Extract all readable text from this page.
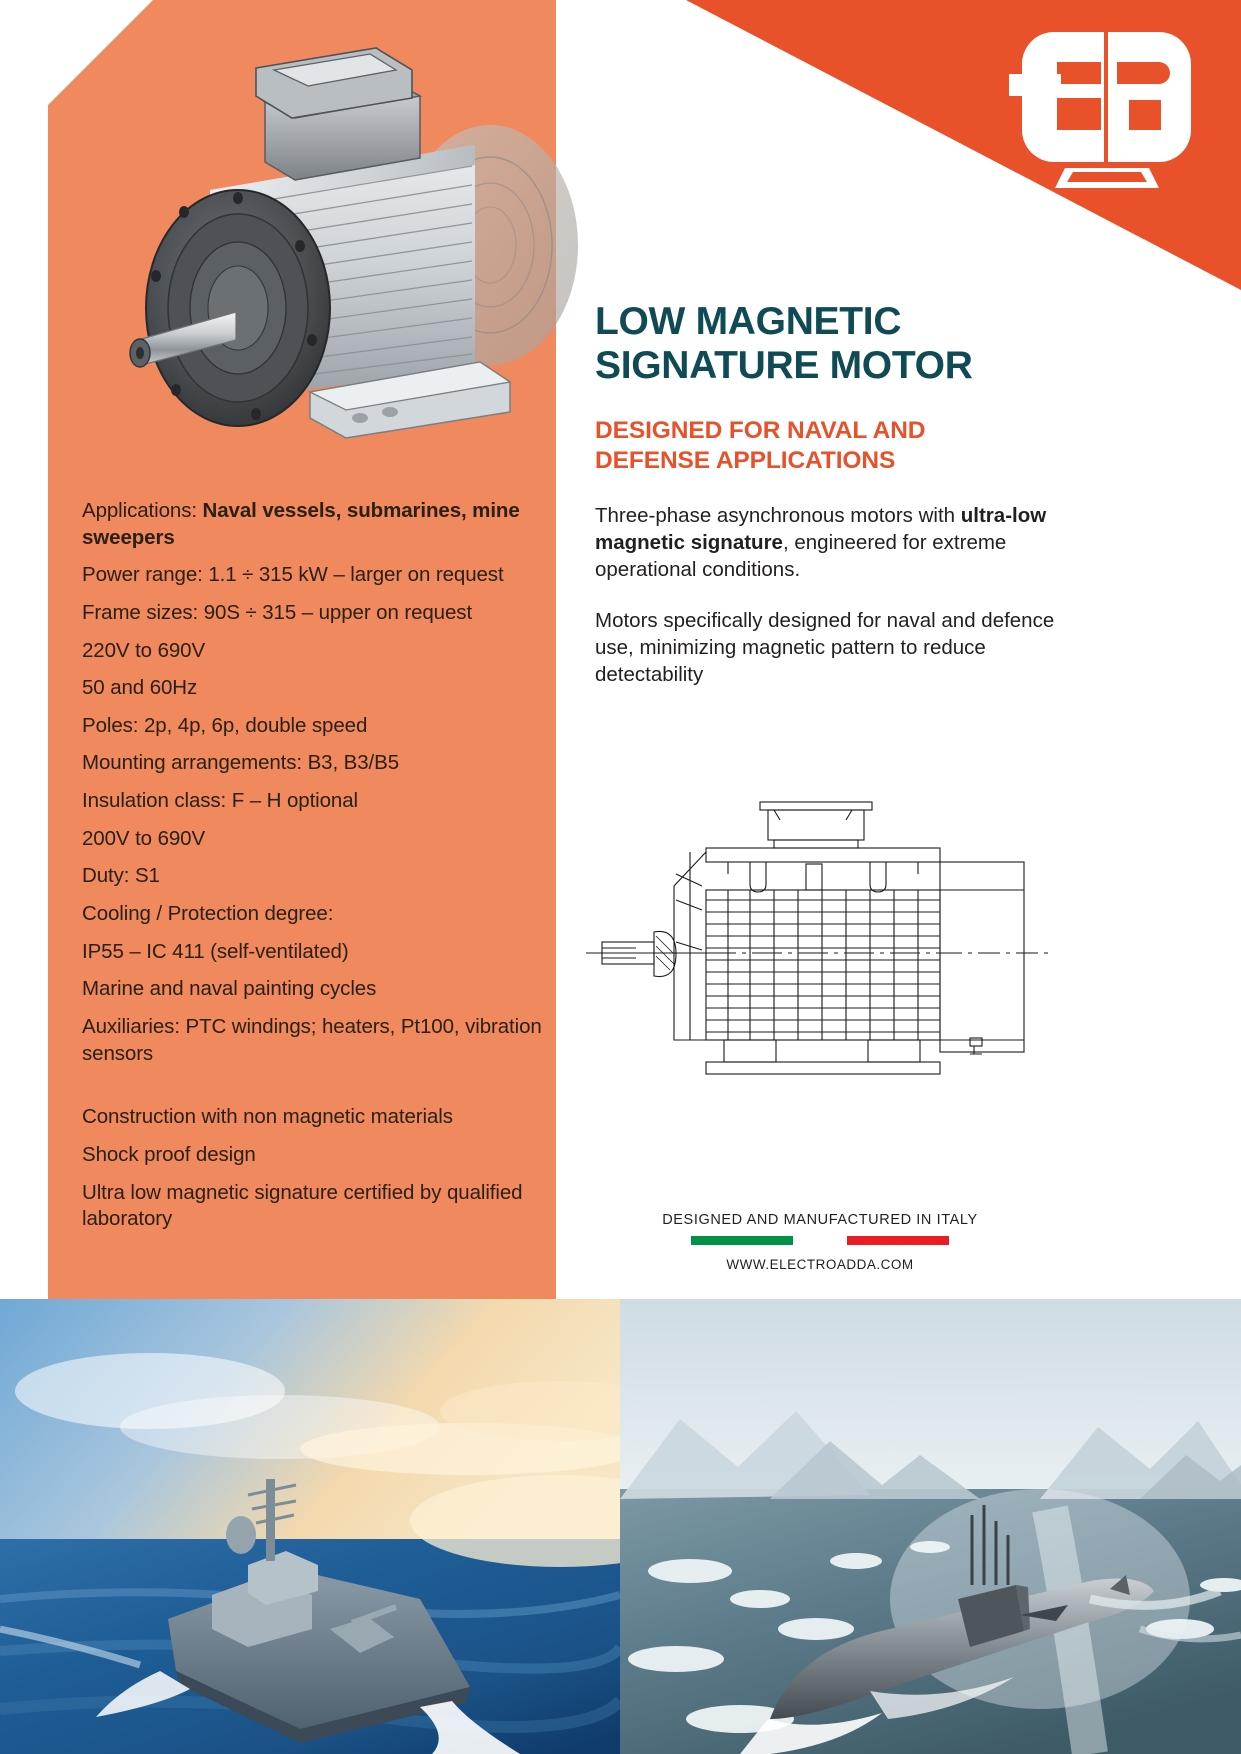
Applications: Naval vessels, submarines, mine sweepers
Power range: 1.1 ÷ 315 kW – larger on request
Frame sizes: 90S ÷ 315 – upper on request
220V to 690V
50 and 60Hz
Poles: 2p, 4p, 6p, double speed
Mounting arrangements: B3, B3/B5
Insulation class: F – H optional
200V to 690V
Duty: S1
Cooling / Protection degree:
IP55 – IC 411 (self-ventilated)
Marine and naval painting cycles
Auxiliaries: PTC windings; heaters, Pt100, vibration sensors
Construction with non magnetic materials
Shock proof design
Ultra low magnetic signature certified by qualified laboratory
LOW MAGNETIC
SIGNATURE MOTOR
DESIGNED FOR NAVAL AND
DEFENSE APPLICATIONS

Three-phase asynchronous motors with ultra-low magnetic signature, engineered for extreme operational conditions.

Motors specifically designed for naval and defence use, minimizing magnetic pattern to reduce detectability

DESIGNED AND MANUFACTURED IN ITALY
WWW.ELECTROADDA.COM
